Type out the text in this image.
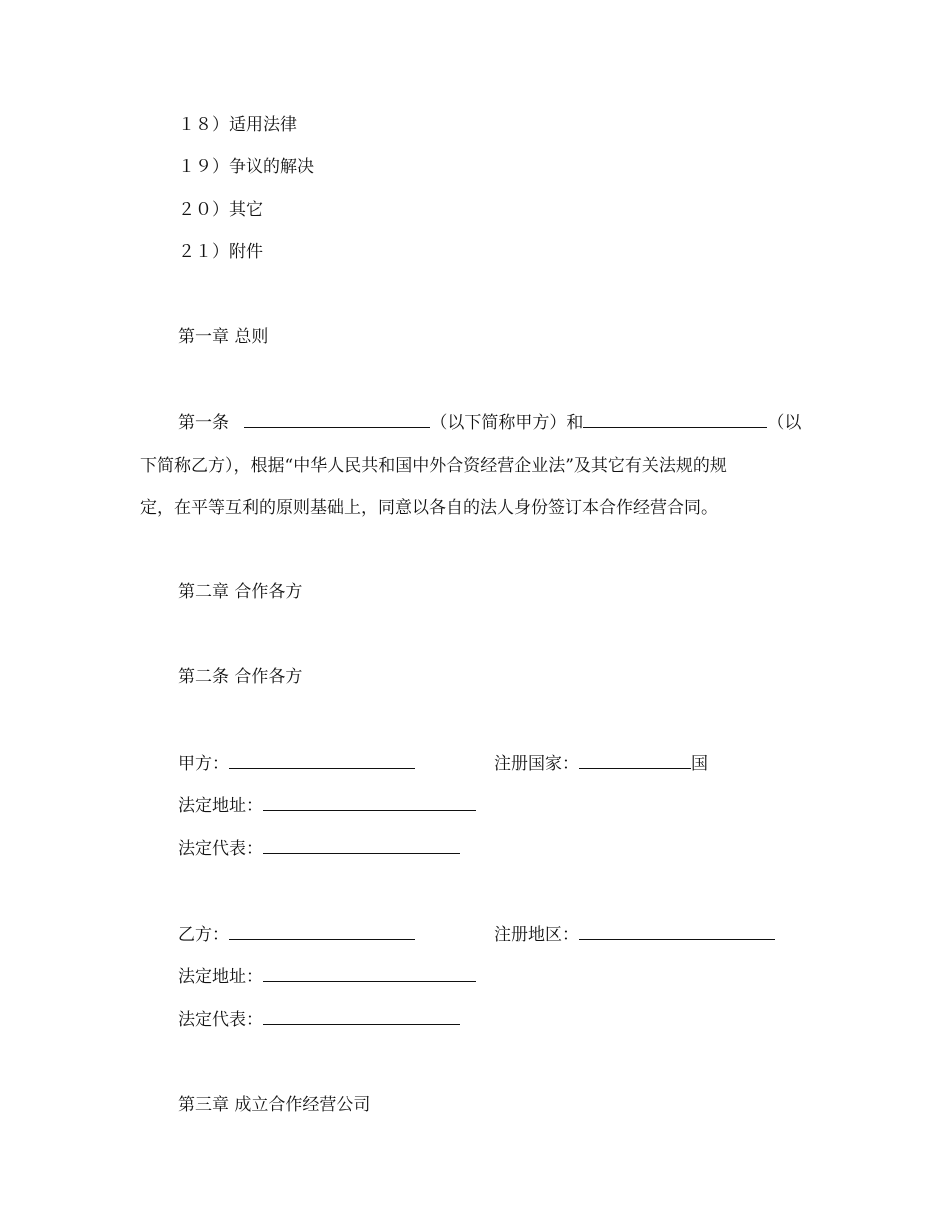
１８）适用法律
１９）争议的解决
２０）其它
２１）附件
第一章 总则
第一条	（以下简称甲方）和	（以
下简称乙方），根据“中华人民共和国中外合资经营企业法”及其它有关法规的规
定，在平等互利的原则基础上，同意以各自的法人身份签订本合作经营合同。
第二章 合作各方
第二条 合作各方
甲方：	注册国家：	国
法定地址：
法定代表：
乙方：	注册地区：
法定地址：
法定代表：
第三章 成立合作经营公司
